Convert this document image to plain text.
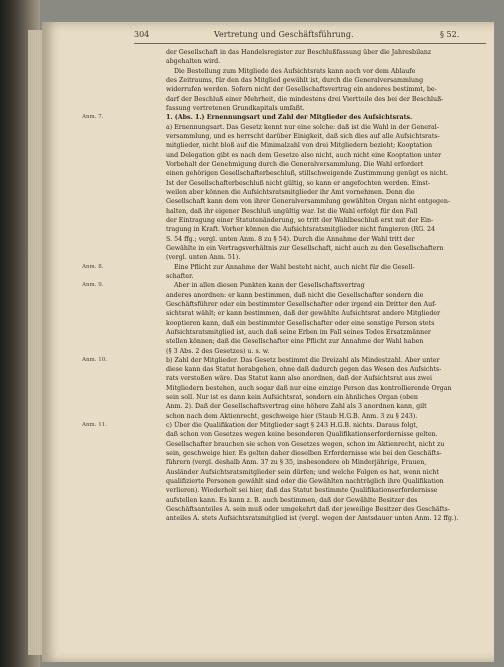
304	Vertretung und Geschäftsführung.	§ 52.
der Gesellschaft in das Handelsregister zur Beschlußfassung über die Jahresbilanz
abgehalten wird.
Die Bestellung zum Mitgliede des Aufsichtsrats kann auch vor dem Ablaufe
des Zeitraums, für den das Mitglied gewählt ist, durch die Generalversammlung
widerrufen werden. Sofern nicht der Gesellschaftsvertrag ein anderes bestimmt, be-
darf der Beschluß einer Mehrheit, die mindestens drei Viertteile des bei der Beschluß-
fassung vertretenen Grundkapitals umfaßt.
Anm. 7.	1. (Abs. 1.) Ernennungsart und Zahl der Mitglieder des Aufsichtsrats.
a) Ernennungsart. Das Gesetz kennt nur eine solche: daß ist die Wahl in der General-
versammlung, und es herrscht darüber Einigkeit, daß sich dies auf alle Aufsichtsrats-
mitglieder, nicht bloß auf die Minimalzahl von drei Mitgliedern bezieht; Kooptation
und Delegation gibt es nach dem Gesetze also nicht, auch nicht eine Kooptation unter
Vorbehalt der Genehmigung durch die Generalversammlung. Die Wahl erfordert
einen gehörigen Gesellschafterbeschluß, stillschweigende Zustimmung genügt es nicht.
Ist der Gesellschafterbeschluß nicht gültig, so kann er angefochten werden. Einst-
weilen aber können die Aufsichtsratsmitglieder ihr Amt vornehmen. Denn die
Gesellschaft kann dem von ihrer Generalversammlung gewählten Organ nicht entgegen-
halten, daß ihr eigener Beschluß ungültig war. Ist die Wahl erfolgt für den Fall
der Eintragung einer Statutenänderung, so tritt der Wahlbeschluß erst mit der Ein-
tragung in Kraft. Vorher können die Aufsichtsratsmitglieder nicht fungieren (RG. 24
S. 54 ffg.; vergl. unten Anm. 8 zu § 54). Durch die Annahme der Wahl tritt der
Gewählte in ein Vertragsverhältnis zur Gesellschaft, nicht auch zu den Gesellschaftern
(vergl. unten Anm. 51).
Anm. 8.	Eine Pflicht zur Annahme der Wahl besteht nicht, auch nicht für die Gesell-
schafter.
Anm. 9.	Aber in allen diesen Punkten kann der Gesellschaftsvertrag
anderes anordnen: er kann bestimmen, daß nicht die Gesellschafter sondern die
Geschäftsführer oder ein bestimmter Gesellschafter oder irgend ein Dritter den Auf-
sichtsrat wählt; er kann bestimmen, daß der gewählte Aufsichtsrat andere Mitglieder
kooptieren kann, daß ein bestimmter Gesellschafter oder eine sonstige Person stets
Aufsichtsratsmitglied ist, auch daß seine Erben im Fall seines Todes Ersatzmänner
stellen können; daß die Gesellschafter eine Pflicht zur Annahme der Wahl haben
(§ 3 Abs. 2 des Gesetzes) u. s. w.
Anm. 10.	b) Zahl der Mitglieder. Das Gesetz bestimmt die Dreizahl als Mindestzahl. Aber unter
diese kann das Statut herabgehen, ohne daß dadurch gegen das Wesen des Aufsichts-
rats verstoßen wäre. Das Statut kann also anordnen, daß der Aufsichtsrat aus zwei
Mitgliedern bestehen, auch sogar daß nur eine einzige Person das kontrollierende Organ
sein soll. Nur ist es dann kein Aufsichtsrat, sondern ein ähnliches Organ (oben
Anm. 2). Daß der Gesellschaftsvertrag eine höhere Zahl als 3 anordnen kann, gilt
schon nach dem Aktienrecht, geschweige hier (Staub H.G.B. Anm. 3 zu § 243).
Anm. 11.	c) Über die Qualifikation der Mitglieder sagt § 243 H.G.B. nichts. Daraus folgt,
daß schon von Gesetzes wegen keine besonderen Qualifikationserfordernisse gelten.
Gesellschafter brauchen sie schon von Gesetzes wegen, schon im Aktienrecht, nicht zu
sein, geschweige hier. Es gelten daher dieselben Erfordernisse wie bei den Geschäfts-
führern (vergl. deshalb Anm. 37 zu § 35, insbesondere ob Minderjährige, Frauen,
Ausländer Aufsichtsratsmitglieder sein dürfen; und welche Folgen es hat, wenn nicht
qualifizierte Personen gewählt sind oder die Gewählten nachträglich ihre Qualifikation
verlieren). Wiederholt sei hier, daß das Statut bestimmte Qualifikationserfordernisse
aufstellen kann. Es kann z. B. auch bestimmen, daß der Gewählte Besitzer des
Geschäftsanteiles A. sein muß oder umgekehrt daß der jeweilige Besitzer des Geschäfts-
anteiles A. stets Aufsichtsratsmitglied ist (vergl. wegen der Amtsdauer unten Anm. 12 ffg.).
